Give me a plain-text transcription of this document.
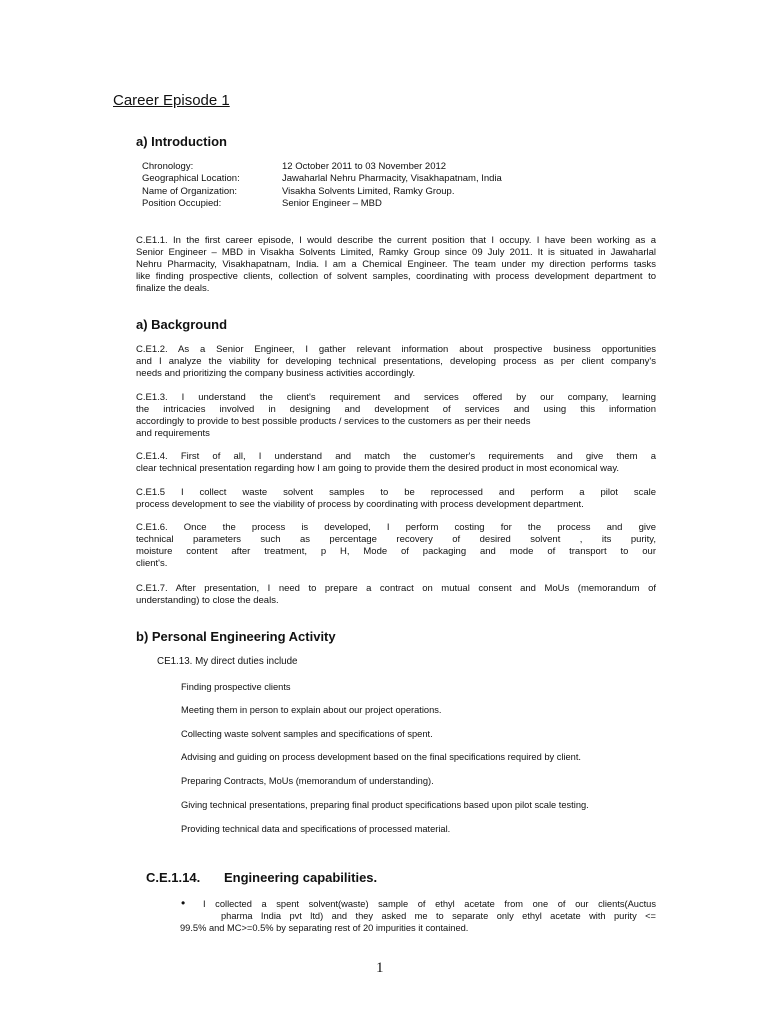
Career Episode 1
a) Introduction
Chronology:	12 October 2011 to 03 November 2012
Geographical Location:	Jawaharlal Nehru Pharmacity, Visakhapatnam, India
Name of Organization:	Visakha Solvents Limited, Ramky Group.
Position Occupied:	Senior Engineer – MBD
C.E1.1. In the first career episode, I would describe the current position that I occupy. I have been working as a
Senior Engineer – MBD in Visakha Solvents Limited, Ramky Group since 09 July 2011. It is situated in Jawaharlal
Nehru Pharmacity, Visakhapatnam, India. I am a Chemical Engineer. The team under my direction performs tasks
like finding prospective clients, collection of solvent samples, coordinating with process development department to
finalize the deals.
a) Background
C.E1.2. As a Senior Engineer, I gather relevant information about prospective business opportunities
and I analyze the viability for developing technical presentations, developing process as per client company's
needs and prioritizing the company business activities accordingly.
C.E1.3. I understand the client's requirement and services offered by our company, learning
the intricacies involved in designing and development of services and using this information
accordingly to provide to best possible products / services to the customers as per their needs
and requirements
C.E1.4. First of all, I understand and match the customer's requirements and give them a
clear technical presentation regarding how I am going to provide them the desired product in most economical way.
C.E1.5 I collect waste solvent samples to be reprocessed and perform a pilot scale
process development to see the viability of process by coordinating with process development department.
C.E1.6. Once the process is developed, I perform costing for the process and give
technical parameters such as percentage recovery of desired solvent , its purity,
moisture content after treatment, p H, Mode of packaging and mode of transport to our
client's.
C.E1.7. After presentation, I need to prepare a contract on mutual consent and MoUs (memorandum of
understanding) to close the deals.
b) Personal Engineering Activity
CE1.13. My direct duties include
Finding prospective clients
Meeting them in person to explain about our project operations.
Collecting waste solvent samples and specifications of spent.
Advising and guiding on process development based on the final specifications required by client.
Preparing Contracts, MoUs (memorandum of understanding).
Giving technical presentations, preparing final product specifications based upon pilot scale testing.
Providing technical data and specifications of processed material.
C.E.1.14. Engineering capabilities.
•	I collected a spent solvent(waste) sample of ethyl acetate from one of our clients(Auctus
pharma India pvt ltd) and they asked me to separate only ethyl acetate with purity <=
99.5% and MC>=0.5% by separating rest of 20 impurities it contained.
1
